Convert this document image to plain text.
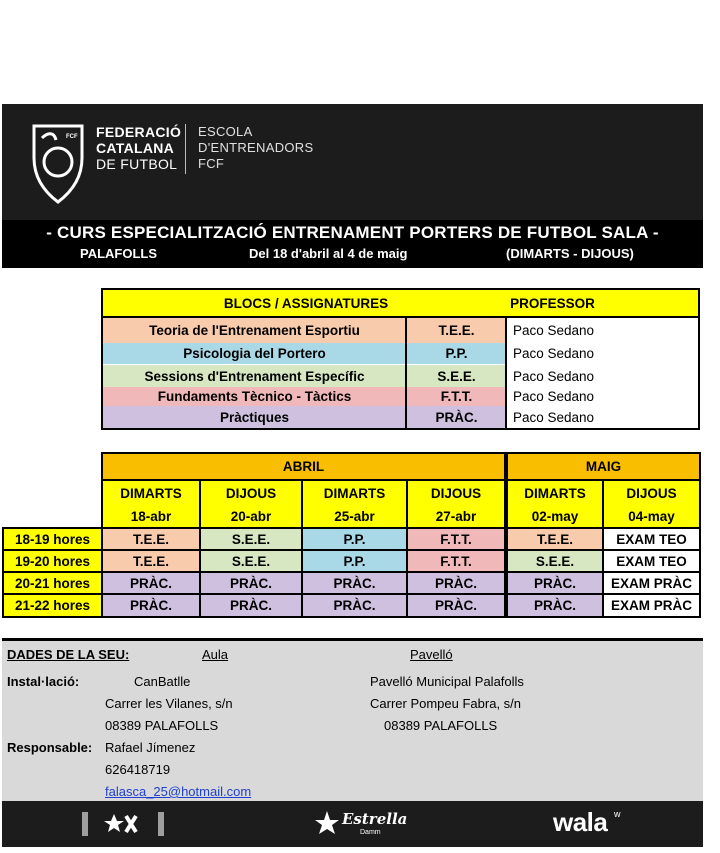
FCF FEDERACIÓ
CATALANA
DE FUTBOL
ESCOLA
D'ENTRENADORS
FCF
- CURS ESPECIALITZACIÓ ENTRENAMENT PORTERS DE FUTBOL SALA -
PALAFOLLS	Del 18 d'abril al 4 de maig	(DIMARTS - DIJOUS)
BLOCS / ASSIGNATURES	PROFESSOR
Teoria de l'Entrenament Esportiu	T.E.E.	Paco Sedano
Psicologia del Portero	P.P.	Paco Sedano
Sessions d'Entrenament Específic	S.E.E.	Paco Sedano
Fundaments Tècnico - Tàctics	F.T.T.	Paco Sedano
Pràctiques	PRÀC.	Paco Sedano
ABRIL	MAIG
DIMARTS	DIJOUS	DIMARTS	DIJOUS	DIMARTS	DIJOUS
18-abr	20-abr	25-abr	27-abr	02-may	04-may
18-19 hores	T.E.E.	S.E.E.	P.P.	F.T.T.	T.E.E.	EXAM TEO
19-20 hores	T.E.E.	S.E.E.	P.P.	F.T.T.	S.E.E.	EXAM TEO
20-21 hores	PRÀC.	PRÀC.	PRÀC.	PRÀC.	PRÀC.	EXAM PRÀC
21-22 hores	PRÀC.	PRÀC.	PRÀC.	PRÀC.	PRÀC.	EXAM PRÀC
DADES DE LA SEU:	Aula	Pavelló
Instal·lació:	CanBatlle
Carrer les Vilanes, s/n
08389 PALAFOLLS
Pavelló Municipal Palafolls
Carrer Pompeu Fabra, s/n
08389 PALAFOLLS
Responsable: Rafael Jímenez
626418719
falasca_25@hotmail.com
Estrella
Damm	wala w
